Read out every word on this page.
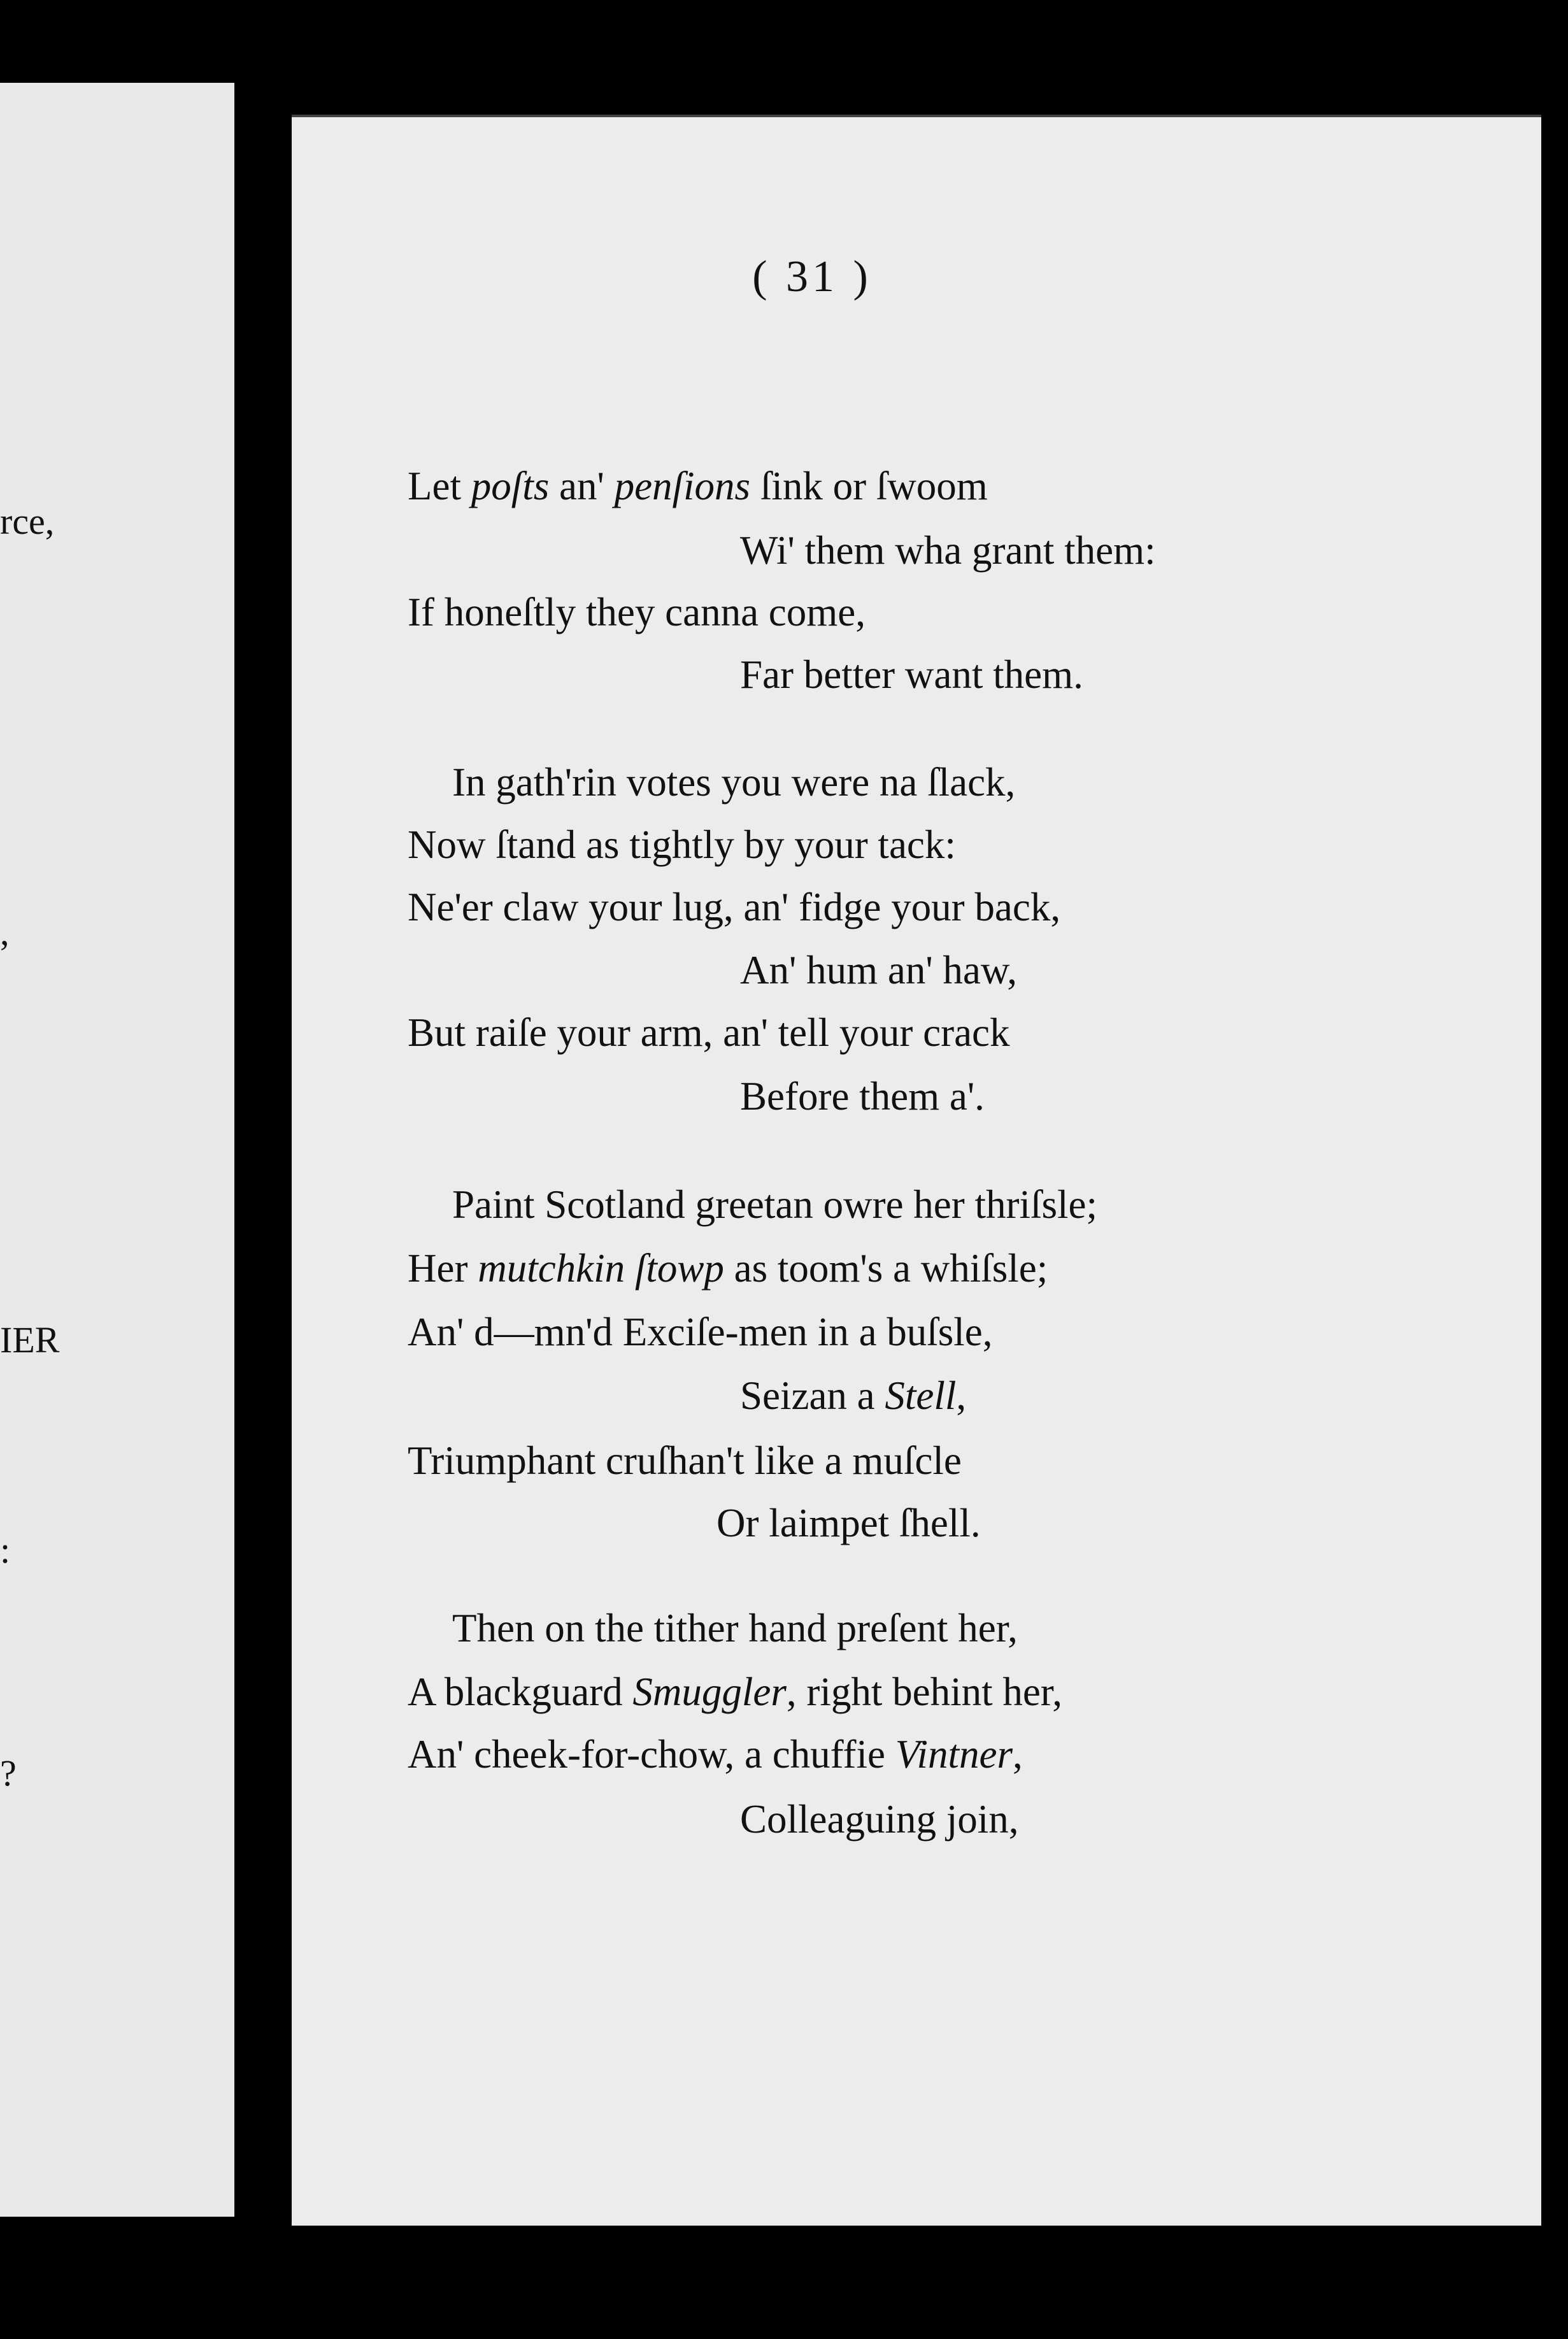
rce,
,
IER
:
?
( 31 )
Let poſts an' penſions ſink or ſwoom
Wi' them wha grant them:
If honeſtly they canna come,
Far better want them.
In gath'rin votes you were na ſlack,
Now ſtand as tightly by your tack:
Ne'er claw your lug, an' fidge your back,
An' hum an' haw,
But raiſe your arm, an' tell your crack
Before them a'.
Paint Scotland greetan owre her thriſsle;
Her mutchkin ſtowp as toom's a whiſsle;
An' d—mn'd Exciſe-men in a buſsle,
Seizan a Stell,
Triumphant cruſhan't like a muſcle
Or laimpet ſhell.
Then on the tither hand preſent her,
A blackguard Smuggler, right behint her,
An' cheek-for-chow, a chuffie Vintner,
Colleaguing join,
